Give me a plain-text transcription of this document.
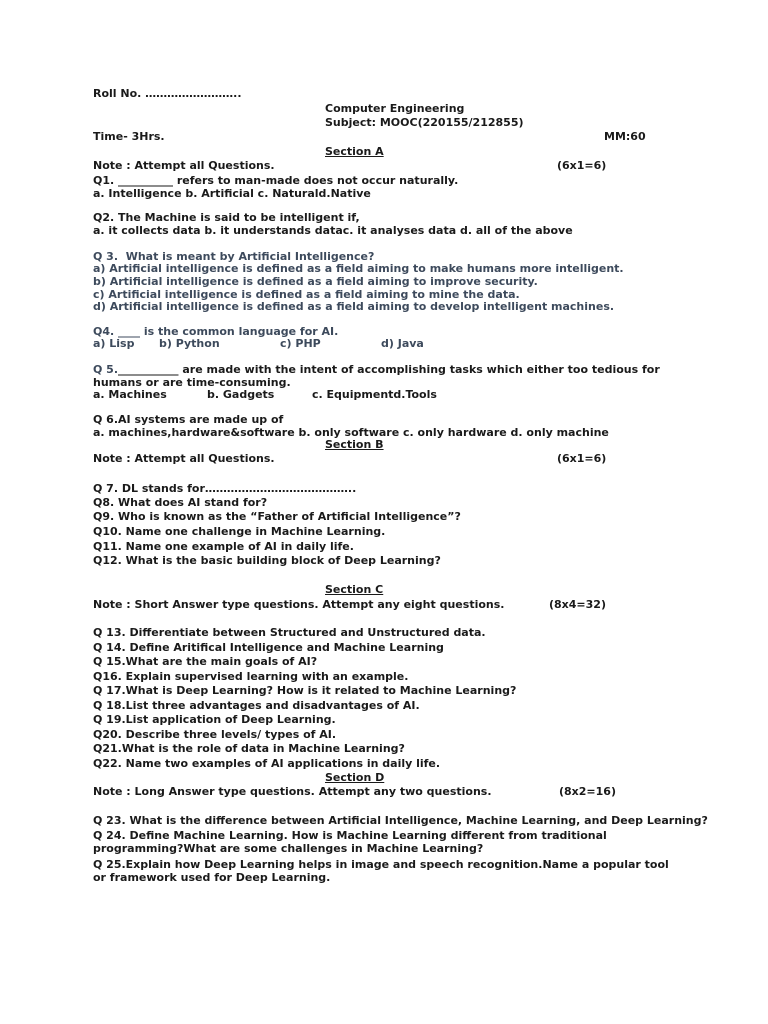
Roll No. ……………………..
Computer Engineering
Subject: MOOC(220155/212855)
Time- 3Hrs.	MM:60
Section A
Note : Attempt all Questions.	(6x1=6)
Q1. __________ refers to man-made does not occur naturally.
a. Intelligence b. Artificial c. Naturald.Native
Q2. The Machine is said to be intelligent if,
a. it collects data b. it understands datac. it analyses data d. all of the above
Q 3. What is meant by Artificial Intelligence?
a) Artificial intelligence is defined as a field aiming to make humans more intelligent.
b) Artificial intelligence is defined as a field aiming to improve security.
c) Artificial intelligence is defined as a field aiming to mine the data.
d) Artificial intelligence is defined as a field aiming to develop intelligent machines.
Q4. ____ is the common language for AI.
a) Lisp b) Python	c) PHP	d) Java
Q 5.___________ are made with the intent of accomplishing tasks which either too tedious for humans or are time-consuming.
a. Machines	b. Gadgets	c. Equipmentd.Tools
Q 6.AI systems are made up of
a. machines,hardware&software b. only software c. only hardware d. only machine
Section B
Note : Attempt all Questions.	(6x1=6)
Q 7. DL stands for…………………………………..
Q8. What does AI stand for?
Q9. Who is known as the “Father of Artificial Intelligence”?
Q10. Name one challenge in Machine Learning.
Q11. Name one example of AI in daily life.
Q12. What is the basic building block of Deep Learning?
Section C
Note : Short Answer type questions. Attempt any eight questions.	(8x4=32)
Q 13. Differentiate between Structured and Unstructured data.
Q 14. Define Aritifical Intelligence and Machine Learning
Q 15.What are the main goals of AI?
Q16. Explain supervised learning with an example.
Q 17.What is Deep Learning? How is it related to Machine Learning?
Q 18.List three advantages and disadvantages of AI.
Q 19.List application of Deep Learning.
Q20. Describe three levels/ types of AI.
Q21.What is the role of data in Machine Learning?
Q22. Name two examples of AI applications in daily life.
Section D
Note : Long Answer type questions. Attempt any two questions.	(8x2=16)
Q 23. What is the difference between Artificial Intelligence, Machine Learning, and Deep Learning?
Q 24. Define Machine Learning. How is Machine Learning different from traditional programming?What are some challenges in Machine Learning?
Q 25.Explain how Deep Learning helps in image and speech recognition.Name a popular tool or framework used for Deep Learning.
